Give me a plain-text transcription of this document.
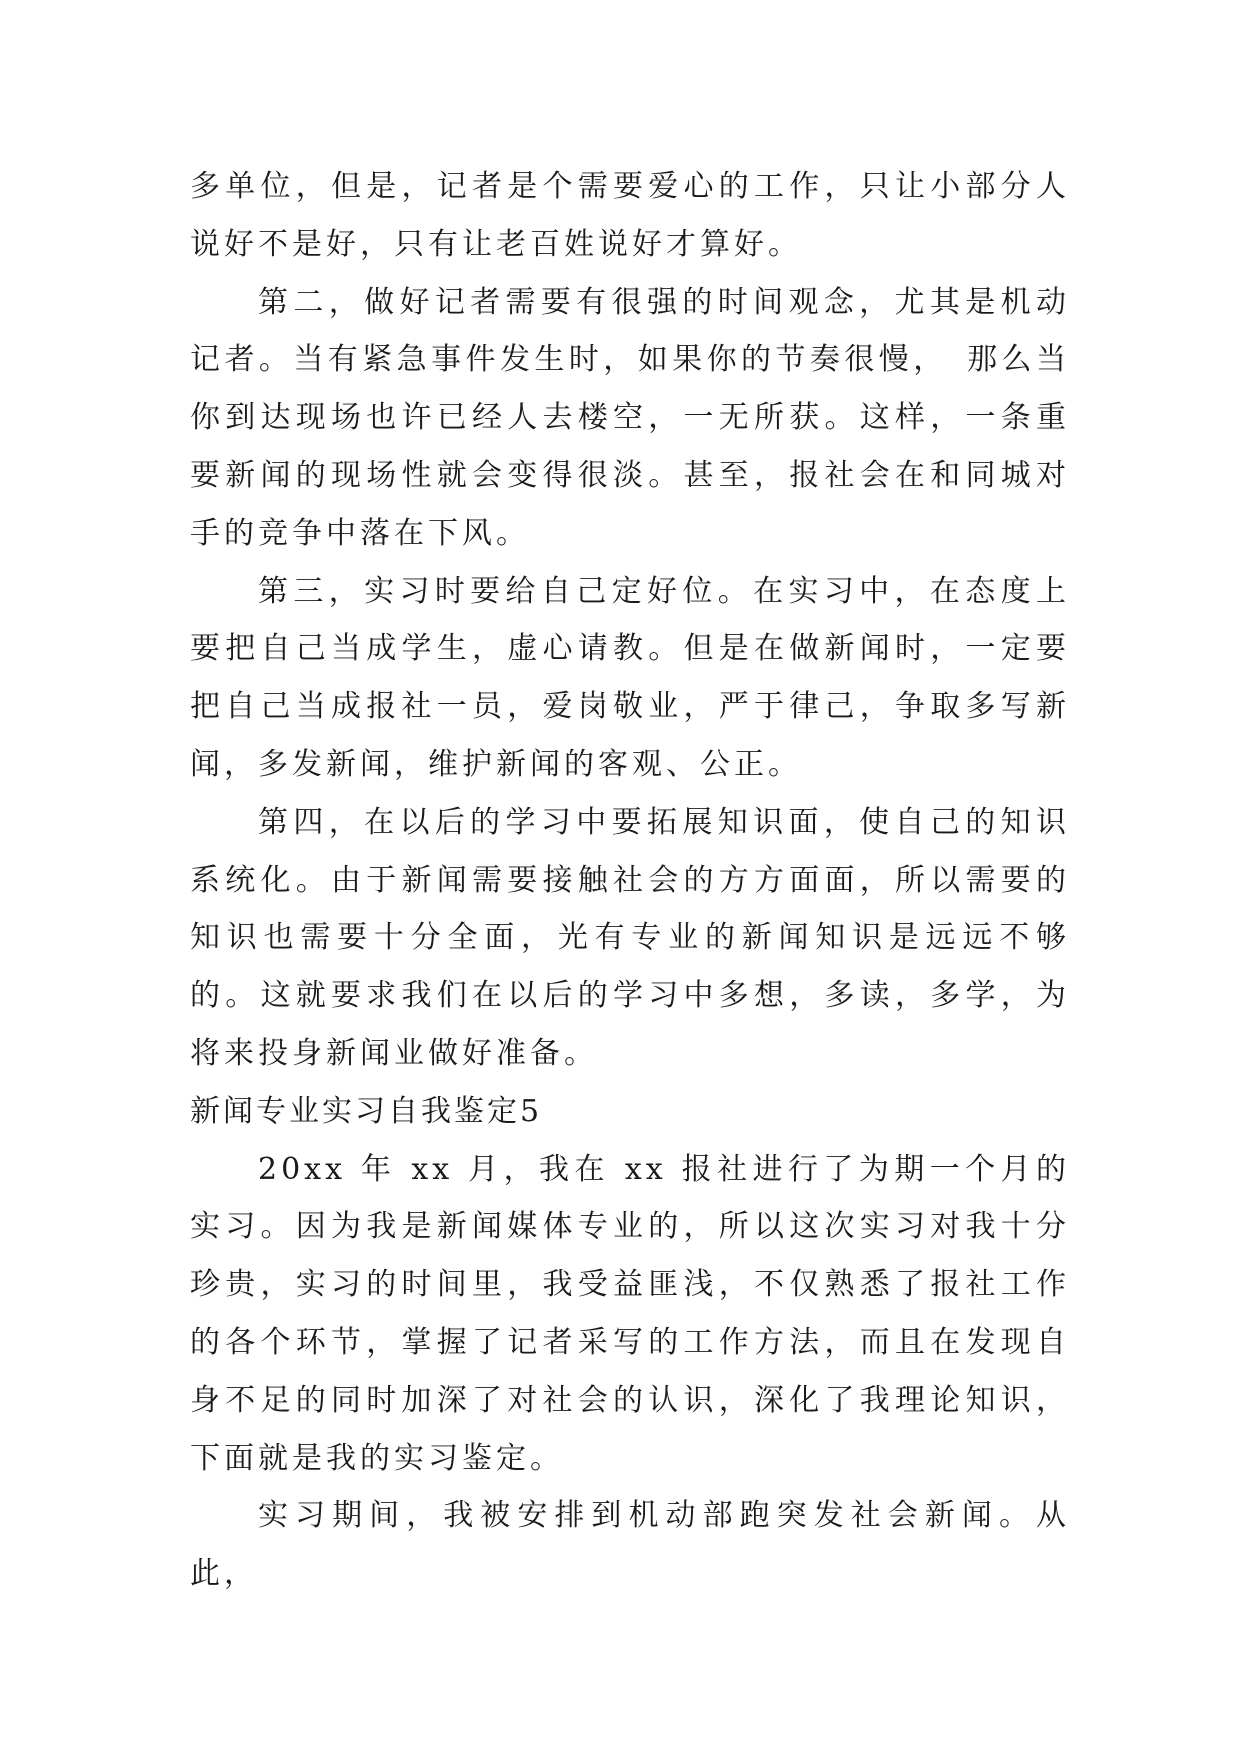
多单位，但是，记者是个需要爱心的工作，只让小部分人说好不是好，只有让老百姓说好才算好。

第二，做好记者需要有很强的时间观念，尤其是机动记者。当有紧急事件发生时，如果你的节奏很慢，　那么当你到达现场也许已经人去楼空，一无所获。这样，一条重要新闻的现场性就会变得很淡。甚至，报社会在和同城对手的竞争中落在下风。

第三，实习时要给自己定好位。在实习中，在态度上要把自己当成学生，虚心请教。但是在做新闻时，一定要把自己当成报社一员，爱岗敬业，严于律己，争取多写新闻，多发新闻，维护新闻的客观、公正。

第四，在以后的学习中要拓展知识面，使自己的知识系统化。由于新闻需要接触社会的方方面面，所以需要的知识也需要十分全面，光有专业的新闻知识是远远不够的。这就要求我们在以后的学习中多想，多读，多学，为将来投身新闻业做好准备。

新闻专业实习自我鉴定5

20xx 年 xx 月，我在 xx 报社进行了为期一个月的实习。因为我是新闻媒体专业的，所以这次实习对我十分珍贵，实习的时间里，我受益匪浅，不仅熟悉了报社工作的各个环节，掌握了记者采写的工作方法，而且在发现自身不足的同时加深了对社会的认识，深化了我理论知识，下面就是我的实习鉴定。

实习期间，我被安排到机动部跑突发社会新闻。从此，
